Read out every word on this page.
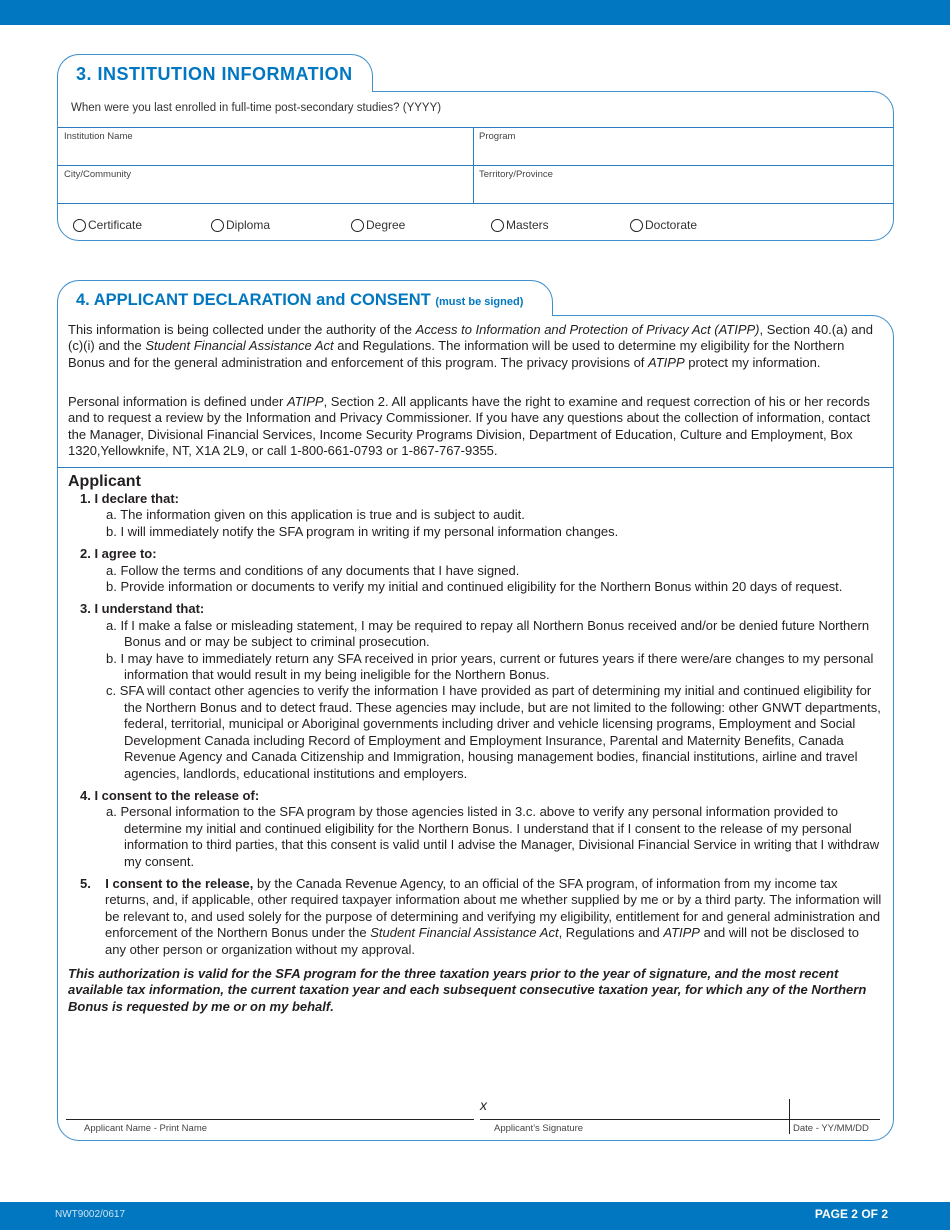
3. INSTITUTION INFORMATION
When were you last enrolled in full-time post-secondary studies? (YYYY)
Institution Name	Program
City/Community	Territory/Province
Certificate	Diploma	Degree	Masters	Doctorate
4. APPLICANT DECLARATION and CONSENT (must be signed)

This information is being collected under the authority of the Access to Information and Protection of Privacy Act (ATIPP), Section 40.(a) and (c)(i) and the Student Financial Assistance Act and Regulations. The information will be used to determine my eligibility for the Northern Bonus and for the general administration and enforcement of this program. The privacy provisions of ATIPP protect my information.

Personal information is defined under ATIPP, Section 2. All applicants have the right to examine and request correction of his or her records and to request a review by the Information and Privacy Commissioner. If you have any questions about the collection of information, contact the Manager, Divisional Financial Services, Income Security Programs Division, Department of Education, Culture and Employment, Box 1320,Yellowknife, NT, X1A 2L9, or call 1-800-661-0793 or 1-867-767-9355.

Applicant
1. I declare that:
a. The information given on this application is true and is subject to audit.
b. I will immediately notify the SFA program in writing if my personal information changes.
2. I agree to:
a. Follow the terms and conditions of any documents that I have signed.
b. Provide information or documents to verify my initial and continued eligibility for the Northern Bonus within 20 days of request.
3. I understand that:
a. If I make a false or misleading statement, I may be required to repay all Northern Bonus received and/or be denied future Northern Bonus and or may be subject to criminal prosecution.
b. I may have to immediately return any SFA received in prior years, current or futures years if there were/are changes to my personal information that would result in my being ineligible for the Northern Bonus.
c. SFA will contact other agencies to verify the information I have provided as part of determining my initial and continued eligibility for the Northern Bonus and to detect fraud. These agencies may include, but are not limited to the following: other GNWT departments, federal, territorial, municipal or Aboriginal governments including driver and vehicle licensing programs, Employment and Social Development Canada including Record of Employment and Employment Insurance, Parental and Maternity Benefits, Canada Revenue Agency and Canada Citizenship and Immigration, housing management bodies, financial institutions, airline and travel agencies, landlords, educational institutions and employers.
4. I consent to the release of:
a. Personal information to the SFA program by those agencies listed in 3.c. above to verify any personal information provided to determine my initial and continued eligibility for the Northern Bonus. I understand that if I consent to the release of my personal information to third parties, that this consent is valid until I advise the Manager, Divisional Financial Service in writing that I withdraw my consent.
5. I consent to the release, by the Canada Revenue Agency, to an official of the SFA program, of information from my income tax returns, and, if applicable, other required taxpayer information about me whether supplied by me or by a third party. The information will be relevant to, and used solely for the purpose of determining and verifying my eligibility, entitlement for and general administration and enforcement of the Northern Bonus under the Student Financial Assistance Act, Regulations and ATIPP and will not be disclosed to any other person or organization without my approval.

This authorization is valid for the SFA program for the three taxation years prior to the year of signature, and the most recent available tax information, the current taxation year and each subsequent consecutive taxation year, for which any of the Northern Bonus is requested by me or on my behalf.

x
Applicant Name - Print Name	Applicant’s Signature	Date - YY/MM/DD
NWT9002/0617	PAGE 2 OF 2
